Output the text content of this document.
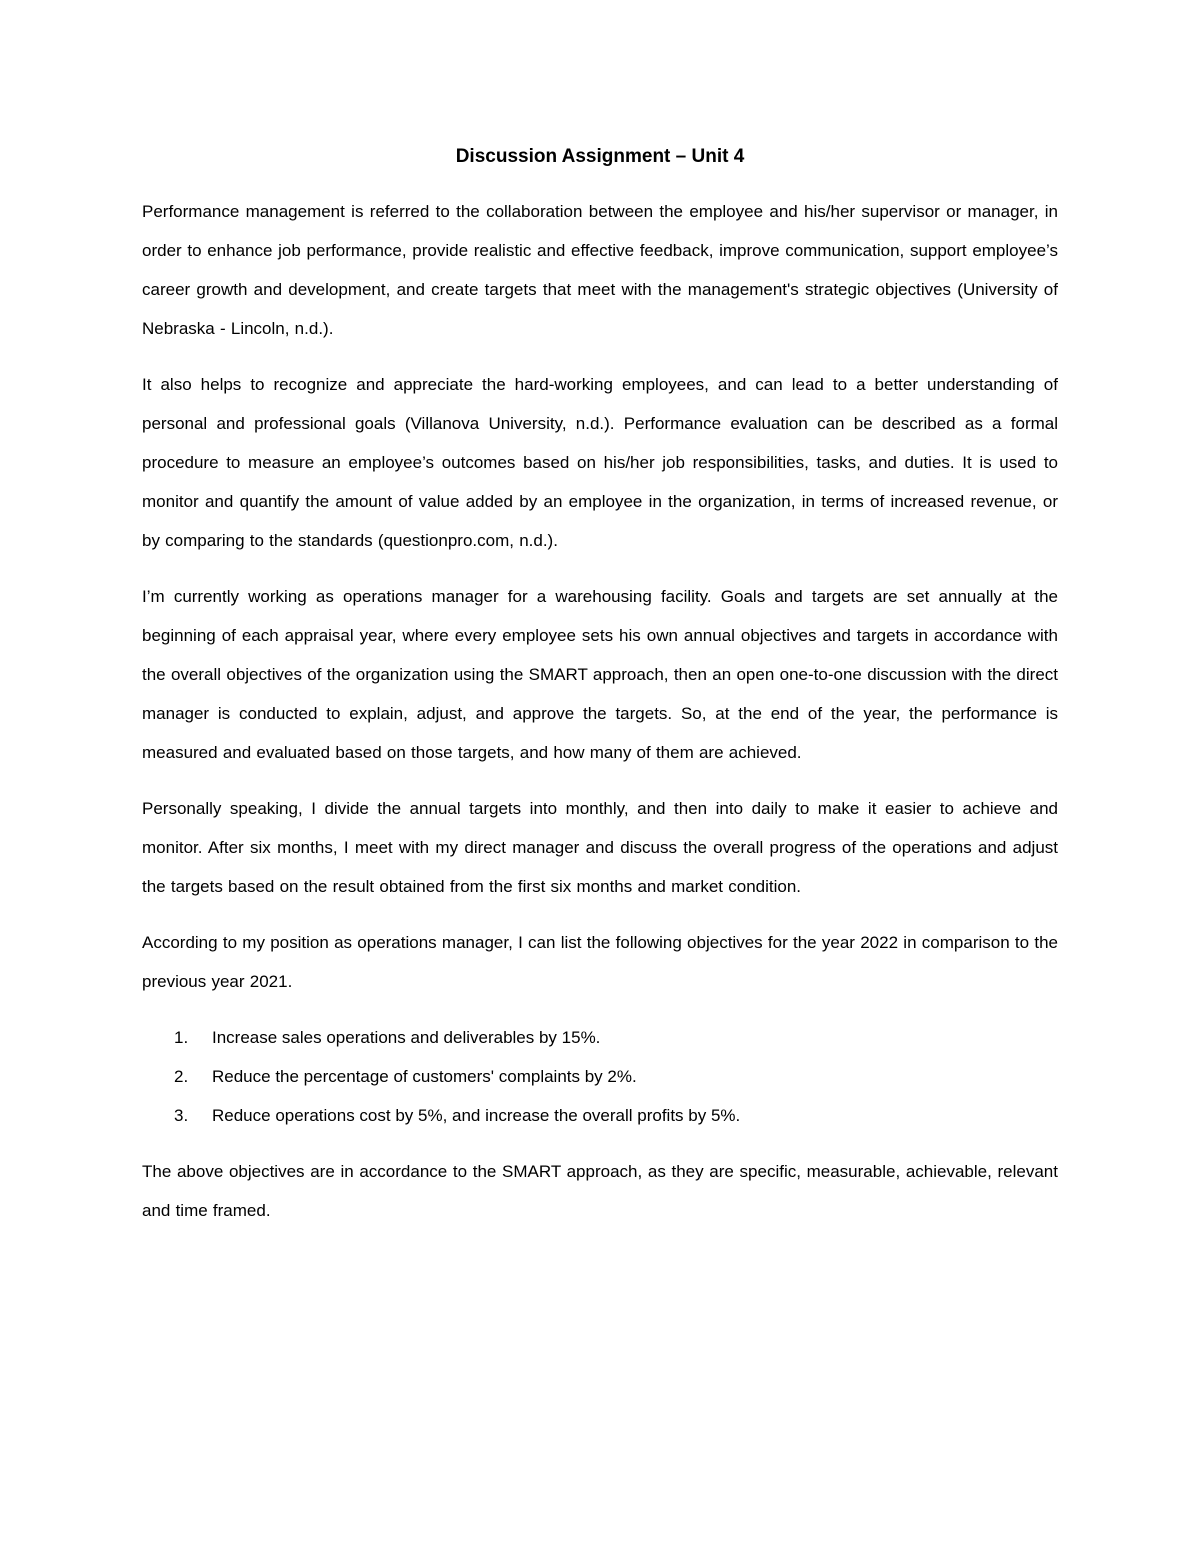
Discussion Assignment – Unit 4

Performance management is referred to the collaboration between the employee and his/her supervisor or manager, in order to enhance job performance, provide realistic and effective feedback, improve communication, support employee’s career growth and development, and create targets that meet with the management's strategic objectives (University of Nebraska - Lincoln, n.d.).

It also helps to recognize and appreciate the hard-working employees, and can lead to a better understanding of personal and professional goals (Villanova University, n.d.). Performance evaluation can be described as a formal procedure to measure an employee’s outcomes based on his/her job responsibilities, tasks, and duties. It is used to monitor and quantify the amount of value added by an employee in the organization, in terms of increased revenue, or by comparing to the standards (questionpro.com, n.d.).

I’m currently working as operations manager for a warehousing facility. Goals and targets are set annually at the beginning of each appraisal year, where every employee sets his own annual objectives and targets in accordance with the overall objectives of the organization using the SMART approach, then an open one-to-one discussion with the direct manager is conducted to explain, adjust, and approve the targets. So, at the end of the year, the performance is measured and evaluated based on those targets, and how many of them are achieved.

Personally speaking, I divide the annual targets into monthly, and then into daily to make it easier to achieve and monitor. After six months, I meet with my direct manager and discuss the overall progress of the operations and adjust the targets based on the result obtained from the first six months and market condition.

According to my position as operations manager, I can list the following objectives for the year 2022 in comparison to the previous year 2021.

1. Increase sales operations and deliverables by 15%.
2. Reduce the percentage of customers' complaints by 2%.
3. Reduce operations cost by 5%, and increase the overall profits by 5%.

The above objectives are in accordance to the SMART approach, as they are specific, measurable, achievable, relevant and time framed.
